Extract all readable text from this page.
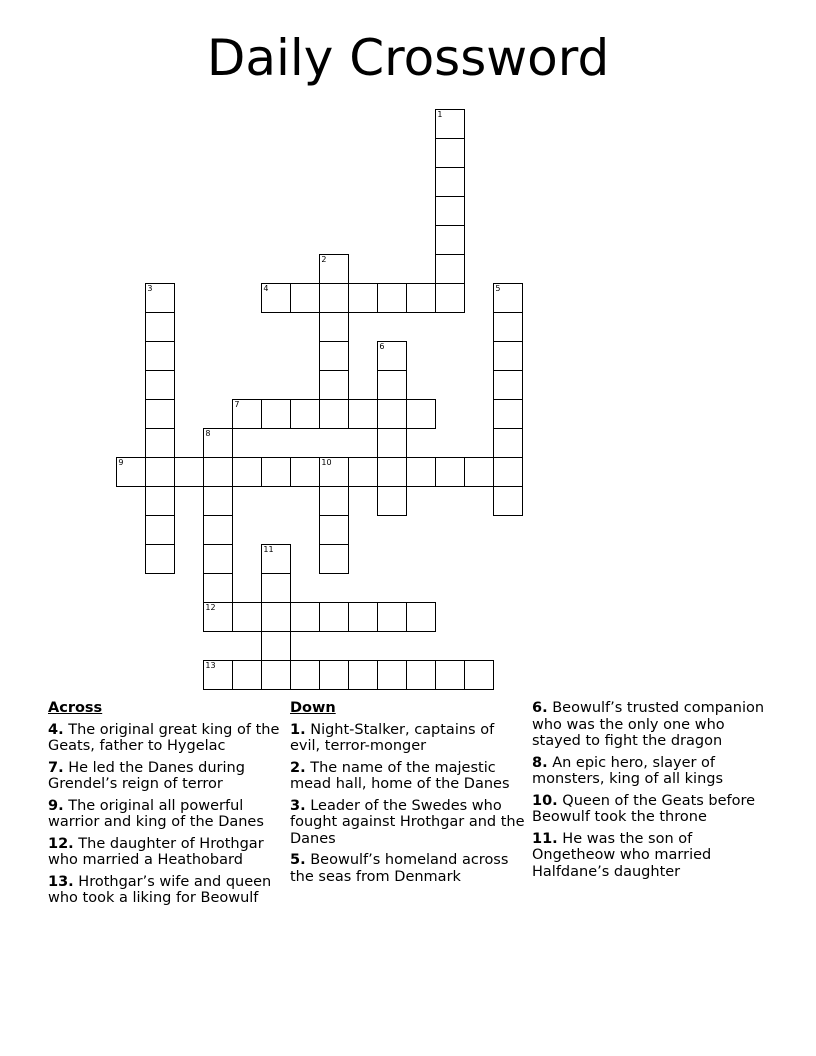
Daily Crossword
1
2
3	4	5
6
7
8
12
13
9	10
11
Across
4. The original great king of the Geats, father to Hygelac
7. He led the Danes during Grendel’s reign of terror
9. The original all powerful warrior and king of the Danes
12. The daughter of Hrothgar who married a Heathobard
13. Hrothgar’s wife and queen who took a liking for Beowulf
Down
1. Night-Stalker, captains of evil, terror-monger
2. The name of the majestic mead hall, home of the Danes
3. Leader of the Swedes who fought against Hrothgar and the Danes
5. Beowulf’s homeland across the seas from Denmark
6. Beowulf’s trusted companion who was the only one who stayed to fight the dragon
8. An epic hero, slayer of monsters, king of all kings
10. Queen of the Geats before Beowulf took the throne
11. He was the son of Ongetheow who married Halfdane’s daughter
